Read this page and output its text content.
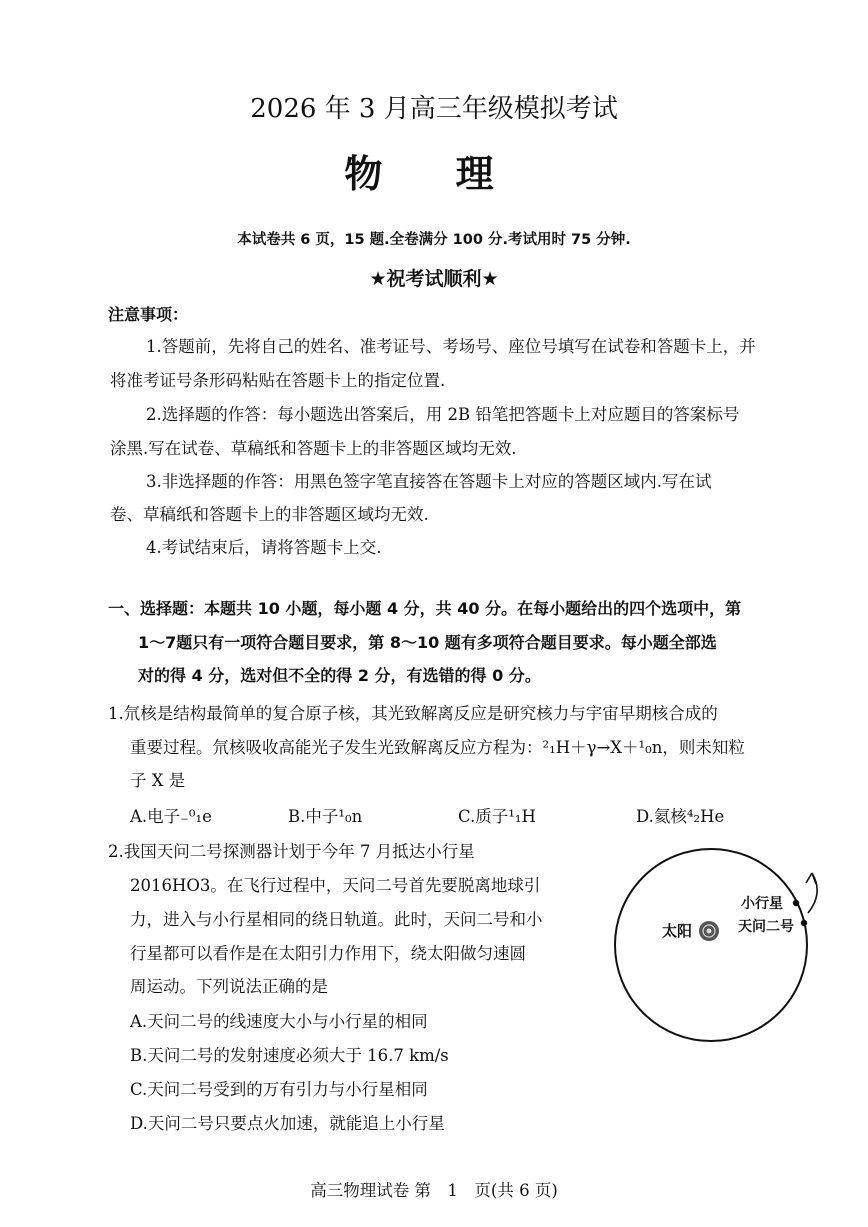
2026 年 3 月高三年级模拟考试
物 理
本试卷共 6 页，15 题.全卷满分 100 分.考试用时 75 分钟.
★祝考试顺利★
注意事项：
1.答题前，先将自己的姓名、准考证号、考场号、座位号填写在试卷和答题卡上，并
将准考证号条形码粘贴在答题卡上的指定位置.
2.选择题的作答：每小题选出答案后，用 2B 铅笔把答题卡上对应题目的答案标号
涂黑.写在试卷、草稿纸和答题卡上的非答题区域均无效.
3.非选择题的作答：用黑色签字笔直接答在答题卡上对应的答题区域内.写在试
卷、草稿纸和答题卡上的非答题区域均无效.
4.考试结束后，请将答题卡上交.
一、选择题：本题共 10 小题，每小题 4 分，共 40 分。在每小题给出的四个选项中，第
1～7题只有一项符合题目要求，第 8～10 题有多项符合题目要求。每小题全部选
对的得 4 分，选对但不全的得 2 分，有选错的得 0 分。
1.氘核是结构最简单的复合原子核，其光致解离反应是研究核力与宇宙早期核合成的
重要过程。氘核吸收高能光子发生光致解离反应方程为：²₁H＋γ→X＋¹₀n，则未知粒
子 X 是
A.电子₋⁰₁e	B.中子¹₀n	C.质子¹₁H	D.氦核⁴₂He
2.我国天问二号探测器计划于今年 7 月抵达小行星
2016HO3。在飞行过程中，天问二号首先要脱离地球引
力，进入与小行星相同的绕日轨道。此时，天问二号和小
行星都可以看作是在太阳引力作用下，绕太阳做匀速圆
周运动。下列说法正确的是
A.天问二号的线速度大小与小行星的相同
B.天问二号的发射速度必须大于 16.7 km/s
C.天问二号受到的万有引力与小行星相同
D.天问二号只要点火加速，就能追上小行星
太阳
小行星
天问二号
高三物理试卷 第　1　页(共 6 页)
